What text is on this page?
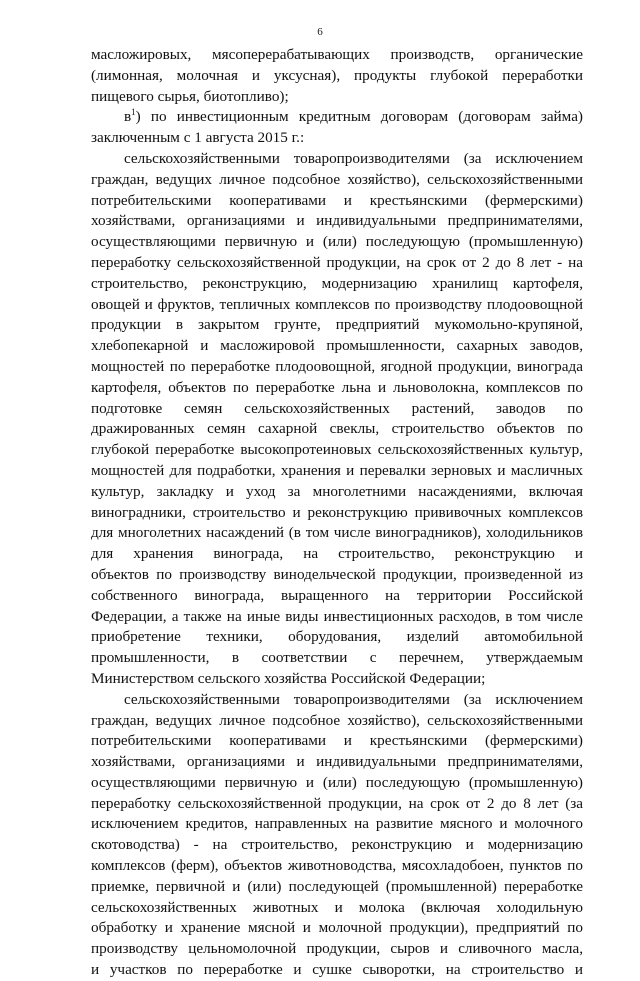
6
масложировых, мясоперерабатывающих производств, органические
(лимонная, молочная и уксусная), продукты глубокой переработки
пищевого сырья, биотопливо);
$в^1$) по инвестиционным кредитным договорам (договорам займа)
заключенным с 1 августа 2015 г.:
сельскохозяйственными товаропроизводителями (за исключением
граждан, ведущих личное подсобное хозяйство), сельскохозяйственными
потребительскими кооперативами и крестьянскими (фермерскими)
хозяйствами, организациями и индивидуальными предпринимателями,
осуществляющими первичную и (или) последующую (промышленную)
переработку сельскохозяйственной продукции, на срок от 2 до 8 лет - на
строительство, реконструкцию, модернизацию хранилищ картофеля,
овощей и фруктов, тепличных комплексов по производству плодоовощной
продукции в закрытом грунте, предприятий мукомольно-крупяной,
хлебопекарной и масложировой промышленности, сахарных заводов,
мощностей по переработке плодоовощной, ягодной продукции, винограда
картофеля, объектов по переработке льна и льноволокна, комплексов по
подготовке семян сельскохозяйственных растений, заводов по
дражированных семян сахарной свеклы, строительство объектов по
глубокой переработке высокопротеиновых сельскохозяйственных культур,
мощностей для подработки, хранения и перевалки зерновых и масличных
культур, закладку и уход за многолетними насаждениями, включая
виноградники, строительство и реконструкцию прививочных комплексов
для многолетних насаждений (в том числе виноградников), холодильников
для хранения винограда, на строительство, реконструкцию и
объектов по производству винодельческой продукции, произведенной из
собственного винограда, выращенного на территории Российской
Федерации, а также на иные виды инвестиционных расходов, в том числе
приобретение техники, оборудования, изделий автомобильной
промышленности, в соответствии с перечнем, утверждаемым
Министерством сельского хозяйства Российской Федерации;
сельскохозяйственными товаропроизводителями (за исключением
граждан, ведущих личное подсобное хозяйство), сельскохозяйственными
потребительскими кооперативами и крестьянскими (фермерскими)
хозяйствами, организациями и индивидуальными предпринимателями,
осуществляющими первичную и (или) последующую (промышленную)
переработку сельскохозяйственной продукции, на срок от 2 до 8 лет (за
исключением кредитов, направленных на развитие мясного и молочного
скотоводства) - на строительство, реконструкцию и модернизацию
комплексов (ферм), объектов животноводства, мясохладобоен, пунктов по
приемке, первичной и (или) последующей (промышленной) переработке
сельскохозяйственных животных и молока (включая холодильную
обработку и хранение мясной и молочной продукции), предприятий по
производству цельномолочной продукции, сыров и сливочного масла,
и участков по переработке и сушке сыворотки, на строительство и
